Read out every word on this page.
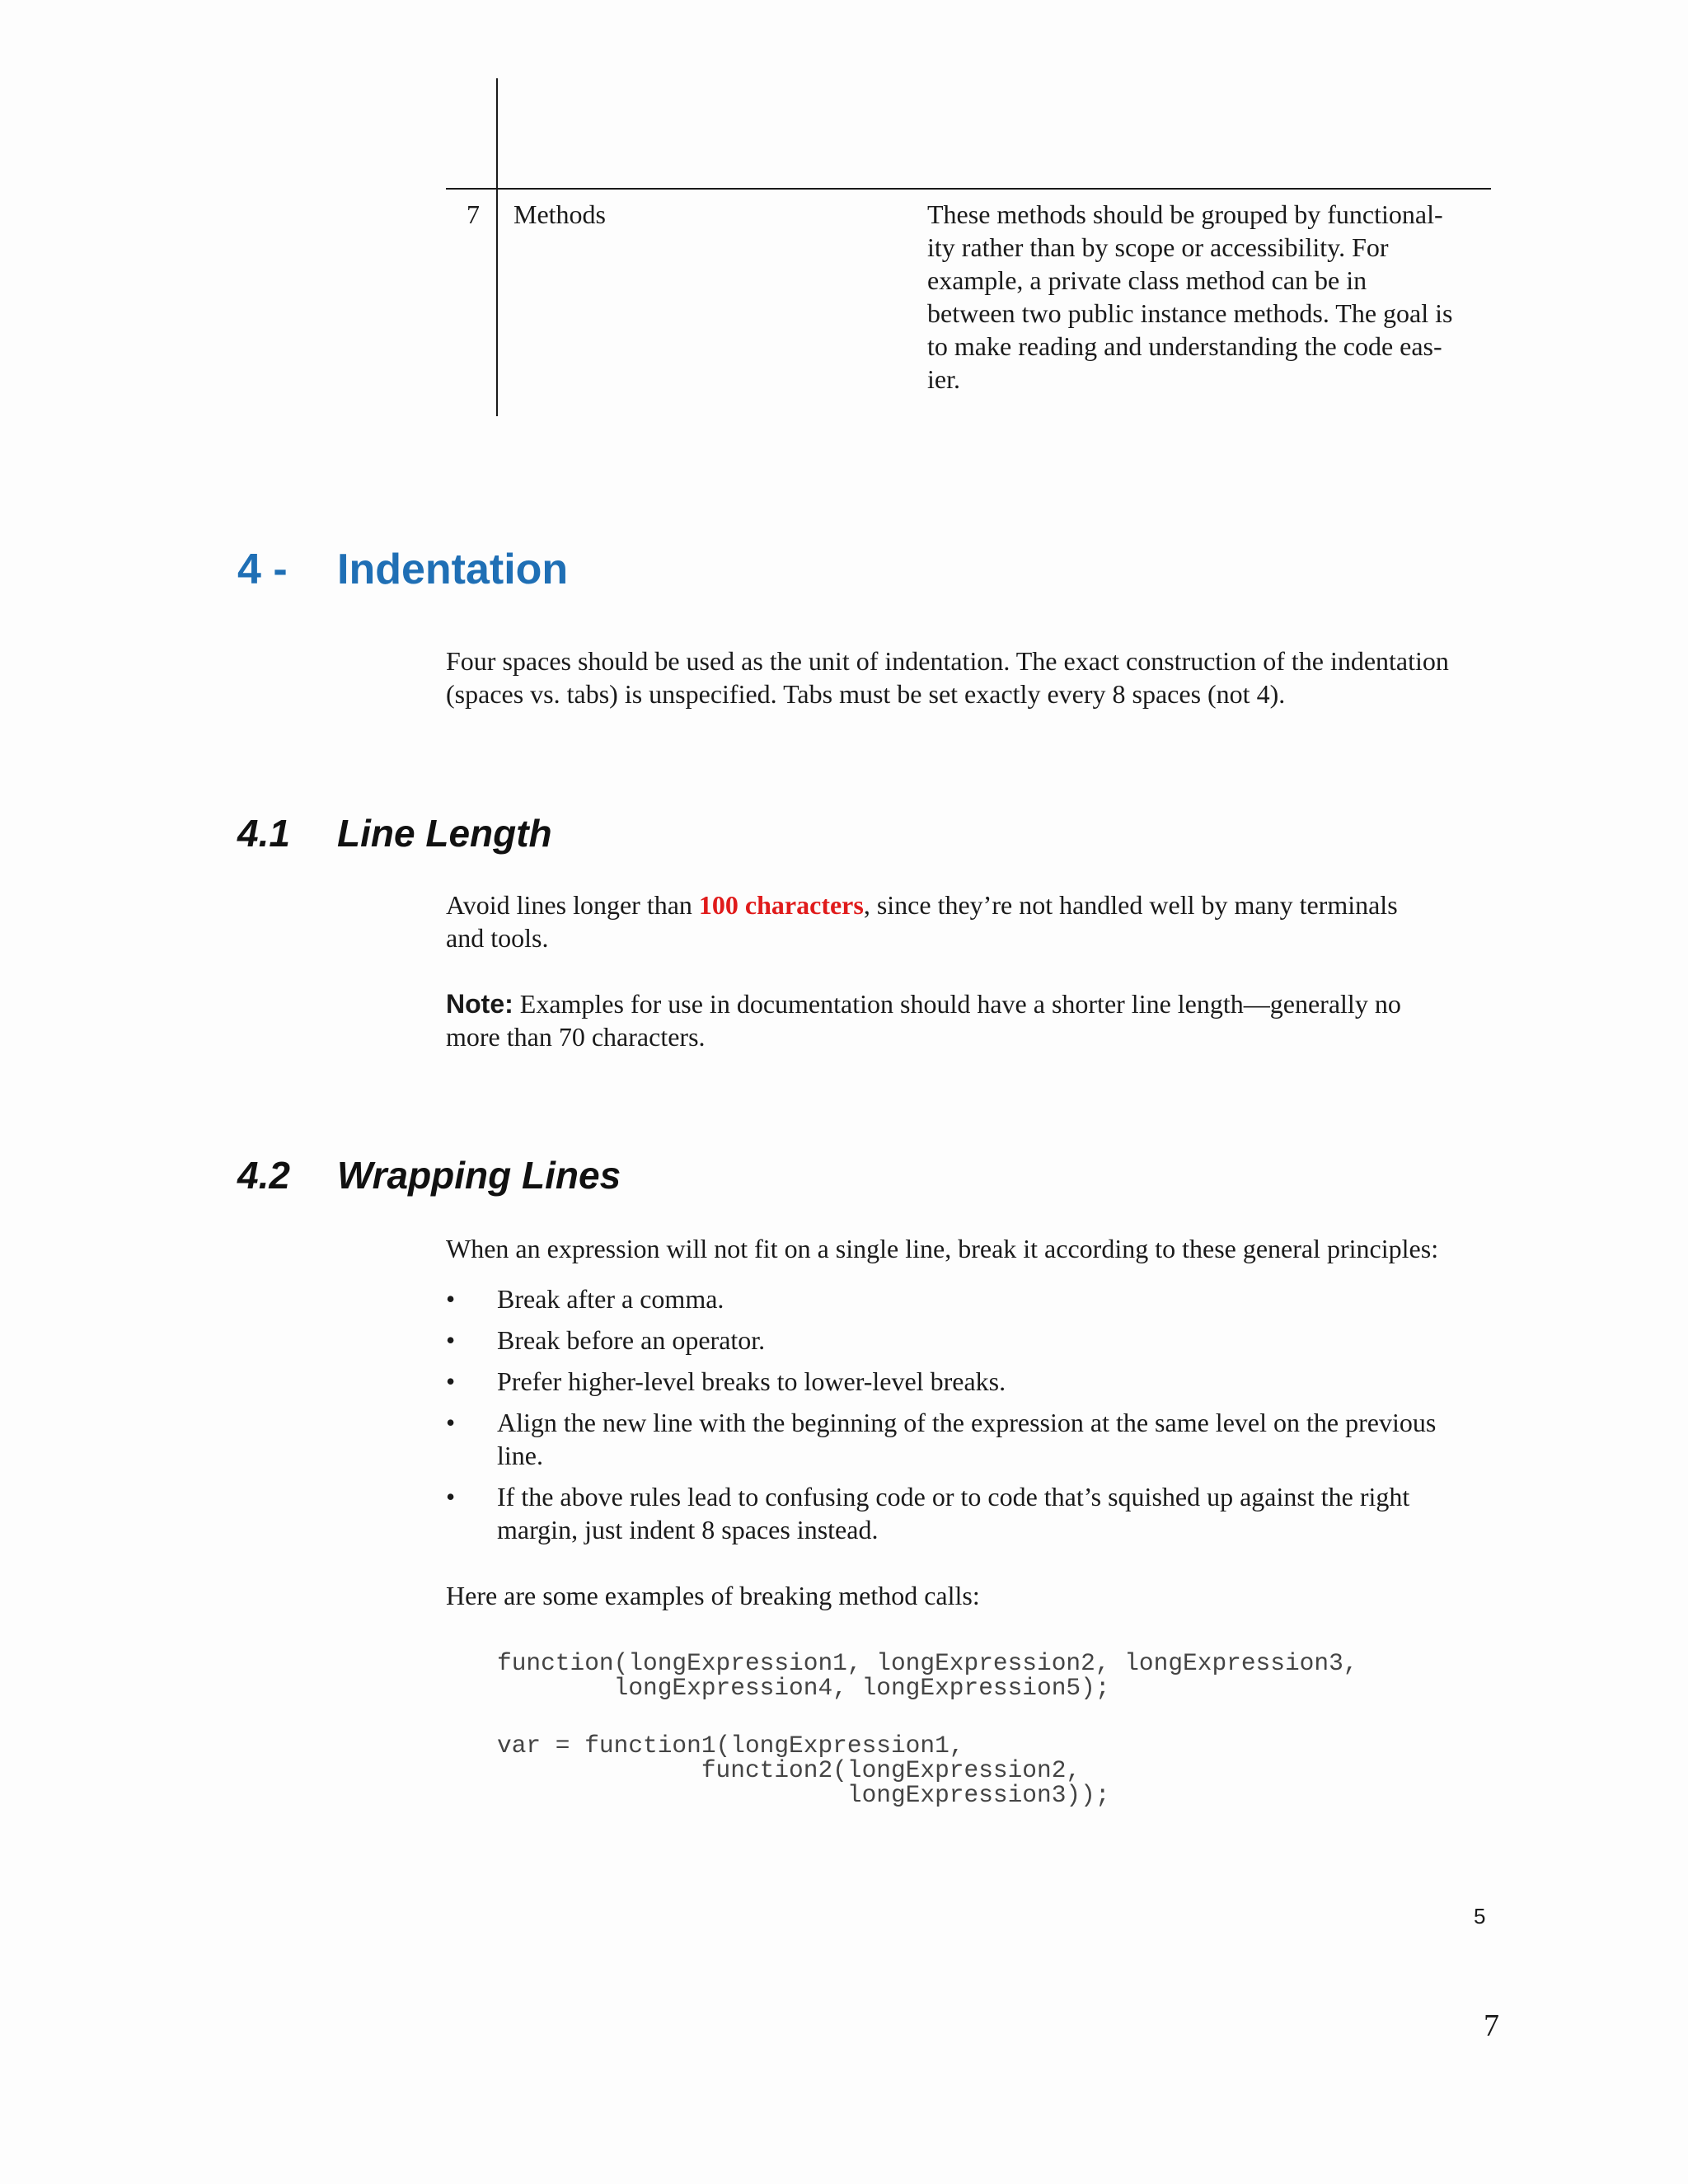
7 Methods	These methods should be grouped by functional-
ity rather than by scope or accessibility. For
example, a private class method can be in
between two public instance methods. The goal is
to make reading and understanding the code eas-
ier.
4 - Indentation
Four spaces should be used as the unit of indentation. The exact construction of the indentation
(spaces vs. tabs) is unspecified. Tabs must be set exactly every 8 spaces (not 4).
4.1 Line Length
Avoid lines longer than 100 characters, since they’re not handled well by many terminals
and tools.
Note: Examples for use in documentation should have a shorter line length—generally no
more than 70 characters.
4.2 Wrapping Lines
When an expression will not fit on a single line, break it according to these general principles:
• Break after a comma.
• Break before an operator.
• Prefer higher-level breaks to lower-level breaks.
• Align the new line with the beginning of the expression at the same level on the previous
line.
• If the above rules lead to confusing code or to code that’s squished up against the right
margin, just indent 8 spaces instead.
Here are some examples of breaking method calls:
function(longExpression1, longExpression2, longExpression3,
longExpression4, longExpression5);
var = function1(longExpression1,
function2(longExpression2,
longExpression3));
5
7
